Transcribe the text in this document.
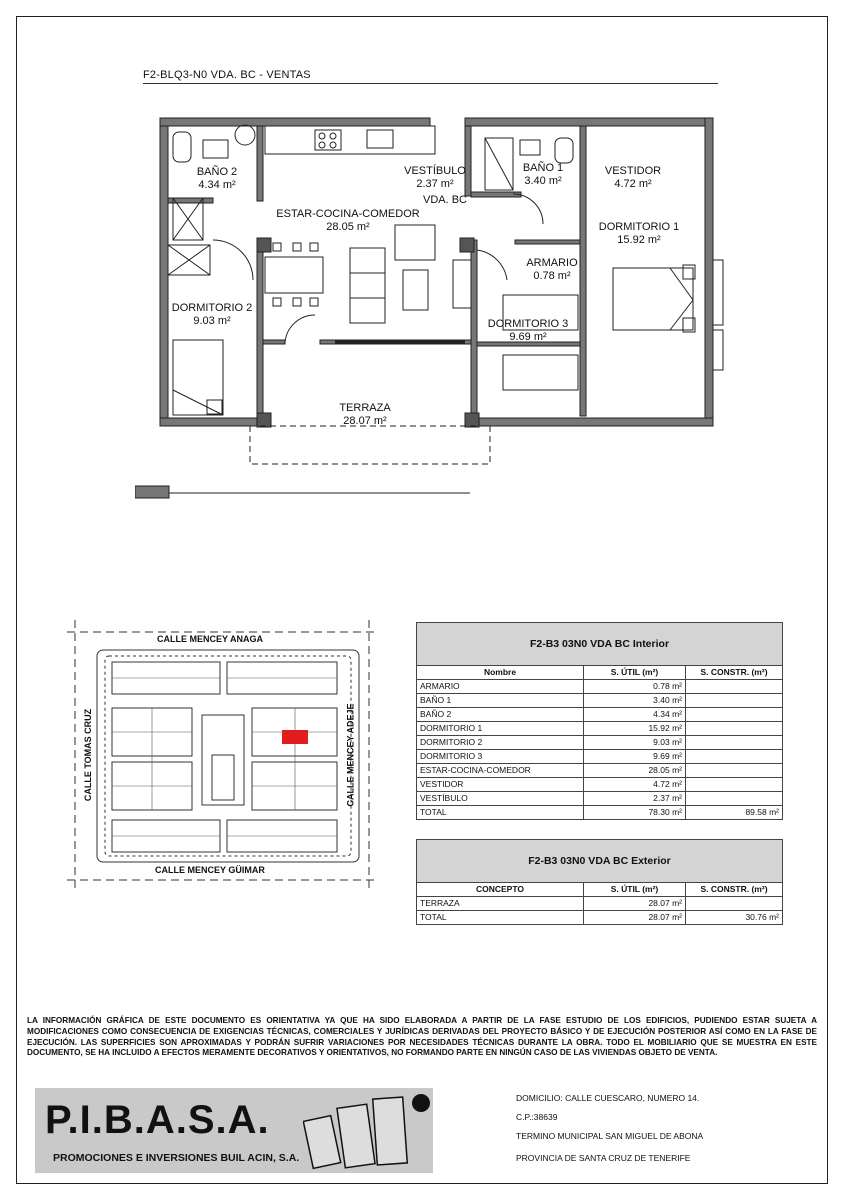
F2-BLQ3-N0 VDA. BC - VENTAS
BAÑO 2
4.34 m²
VESTÍBULO
2.37 m²
VDA. BC
BAÑO 1
3.40 m²
VESTIDOR
4.72 m²
ESTAR-COCINA-COMEDOR
28.05 m²	DORMITORIO 1
15.92 m²
ARMARIO
0.78 m²
DORMITORIO 2
9.03 m²	DORMITORIO 3
9.69 m²
TERRAZA
28.07 m²
CALLE MENCEY ANAGA
CALLE MENCEY GÜIMAR
CALLE TOMAS CRUZ	CALLE MENCEY ADEJE
F2-B3 03N0 VDA BC Interior		
Nombre	S. ÚTIL (m²)	S. CONSTR. (m²)
ARMARIO	0.78 m²	
BAÑO 1	3.40 m²	
BAÑO 2	4.34 m²	
DORMITORIO 1	15.92 m²	
DORMITORIO 2	9.03 m²	
DORMITORIO 3	9.69 m²	
ESTAR-COCINA-COMEDOR	28.05 m²	
VESTIDOR	4.72 m²	
VESTÍBULO	2.37 m²	
TOTAL	78.30 m²	89.58 m²
F2-B3 03N0 VDA BC Exterior		
CONCEPTO	S. ÚTIL (m²)	S. CONSTR. (m²)
TERRAZA	28.07 m²	
TOTAL	28.07 m²	30.76 m²
LA INFORMACIÓN GRÁFICA DE ESTE DOCUMENTO ES ORIENTATIVA YA QUE HA SIDO ELABORADA A PARTIR DE LA FASE ESTUDIO DE LOS EDIFICIOS, PUDIENDO ESTAR SUJETA A MODIFICACIONES COMO CONSECUENCIA DE EXIGENCIAS TÉCNICAS, COMERCIALES Y JURÍDICAS DERIVADAS DEL PROYECTO BÁSICO Y DE EJECUCIÓN POSTERIOR ASÍ COMO EN LA FASE DE EJECUCIÓN. LAS SUPERFICIES SON APROXIMADAS Y PODRÁN SUFRIR VARIACIONES POR NECESIDADES TÉCNICAS DURANTE LA OBRA. TODO EL MOBILIARIO QUE SE MUESTRA EN ESTE DOCUMENTO, SE HA INCLUIDO A EFECTOS MERAMENTE DECORATIVOS Y ORIENTATIVOS, NO FORMANDO PARTE EN NINGÚN CASO DE LAS VIVIENDAS OBJETO DE VENTA.
P.I.B.A.S.A.
PROMOCIONES E INVERSIONES BUIL ACIN, S.A.
DOMICILIO: CALLE CUESCARO, NUMERO 14.
C.P.:38639
TERMINO MUNICIPAL SAN MIGUEL DE ABONA
PROVINCIA DE SANTA CRUZ DE TENERIFE
